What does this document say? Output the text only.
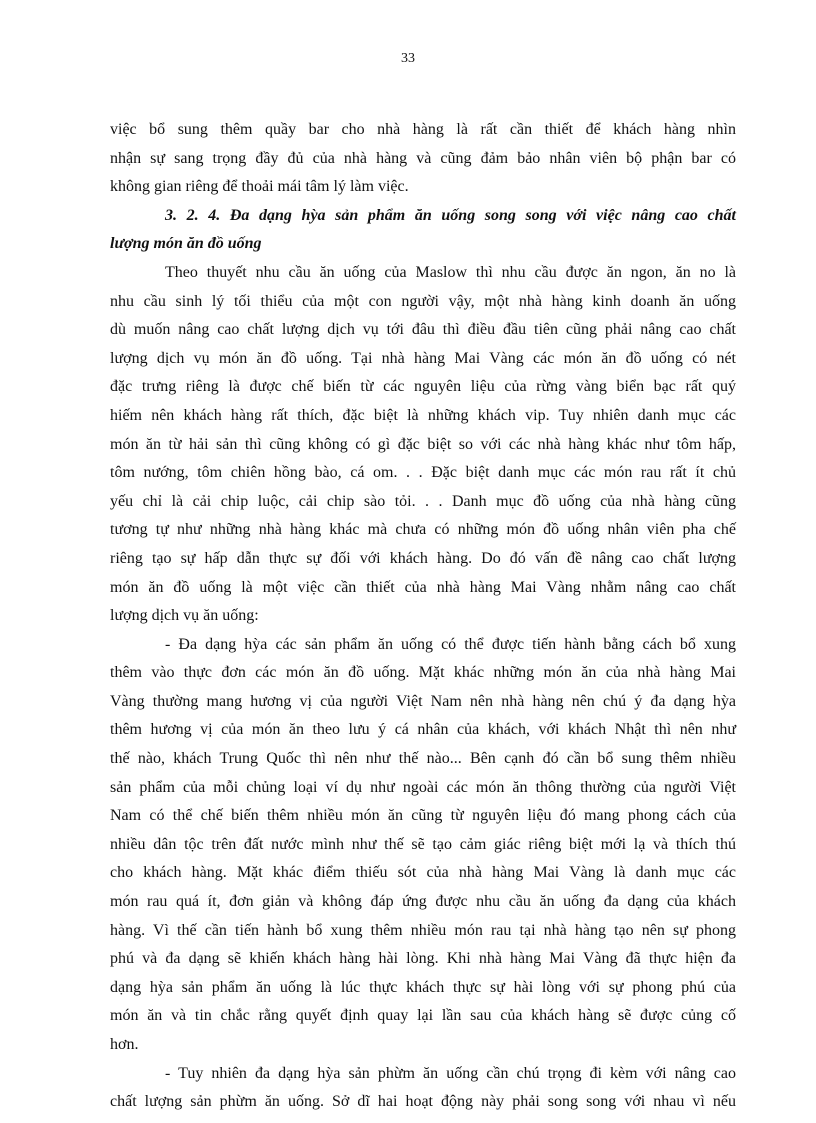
33
việc bổ sung thêm quầy bar cho nhà hàng là rất cần thiết để khách hàng nhìn
nhận sự sang trọng đầy đủ của nhà hàng và cũng đảm bảo nhân viên bộ phận bar có
không gian riêng để thoải mái tâm lý làm việc.
3. 2. 4. Đa dạng hỳa sản phẩm ăn uống song song với việc nâng cao chất
lượng món ăn đồ uống
Theo thuyết nhu cầu ăn uống của Maslow thì nhu cầu được ăn ngon, ăn no là
nhu cầu sinh lý tối thiểu của một con người vậy, một nhà hàng kinh doanh ăn uống
dù muốn nâng cao chất lượng dịch vụ tới đâu thì điều đầu tiên cũng phải nâng cao chất
lượng dịch vụ món ăn đồ uống. Tại nhà hàng Mai Vàng các món ăn đồ uống có nét
đặc trưng riêng là được chế biến từ các nguyên liệu của rừng vàng biển bạc rất quý
hiếm nên khách hàng rất thích, đặc biệt là những khách vip. Tuy nhiên danh mục các
món ăn từ hải sản thì cũng không có gì đặc biệt so với các nhà hàng khác như tôm hấp,
tôm nướng, tôm chiên hồng bào, cá om. . . Đặc biệt danh mục các món rau rất ít chủ
yếu chỉ là cải chip luộc, cải chip sào tỏi. . . Danh mục đồ uống của nhà hàng cũng
tương tự như những nhà hàng khác mà chưa có những món đồ uống nhân viên pha chế
riêng tạo sự hấp dẫn thực sự đối với khách hàng. Do đó vấn đề nâng cao chất lượng
món ăn đồ uống là một việc cần thiết của nhà hàng Mai Vàng nhằm nâng cao chất
lượng dịch vụ ăn uống:
- Đa dạng hỳa các sản phẩm ăn uống có thể được tiến hành bằng cách bổ xung
thêm vào thực đơn các món ăn đồ uống. Mặt khác những món ăn của nhà hàng Mai
Vàng thường mang hương vị của người Việt Nam nên nhà hàng nên chú ý đa dạng hỳa
thêm hương vị của món ăn theo lưu ý cá nhân của khách, với khách Nhật thì nên như
thế nào, khách Trung Quốc thì nên như thế nào... Bên cạnh đó cần bổ sung thêm nhiều
sản phẩm của mỗi chủng loại ví dụ như ngoài các món ăn thông thường của người Việt
Nam có thể chế biến thêm nhiều món ăn cũng từ nguyên liệu đó mang phong cách của
nhiều dân tộc trên đất nước mình như thế sẽ tạo cảm giác riêng biệt mới lạ và thích thú
cho khách hàng. Mặt khác điểm thiếu sót của nhà hàng Mai Vàng là danh mục các
món rau quá ít, đơn giản và không đáp ứng được nhu cầu ăn uống đa dạng của khách
hàng. Vì thế cần tiến hành bổ xung thêm nhiều món rau tại nhà hàng tạo nên sự phong
phú và đa dạng sẽ khiến khách hàng hài lòng. Khi nhà hàng Mai Vàng đã thực hiện đa
dạng hỳa sản phẩm ăn uống là lúc thực khách thực sự hài lòng với sự phong phú của
món ăn và tin chắc rằng quyết định quay lại lần sau của khách hàng sẽ được củng cố
hơn.
- Tuy nhiên đa dạng hỳa sản phừm ăn uống cần chú trọng đi kèm với nâng cao
chất lượng sản phừm ăn uống. Sở dĩ hai hoạt động này phải song song với nhau vì nếu
